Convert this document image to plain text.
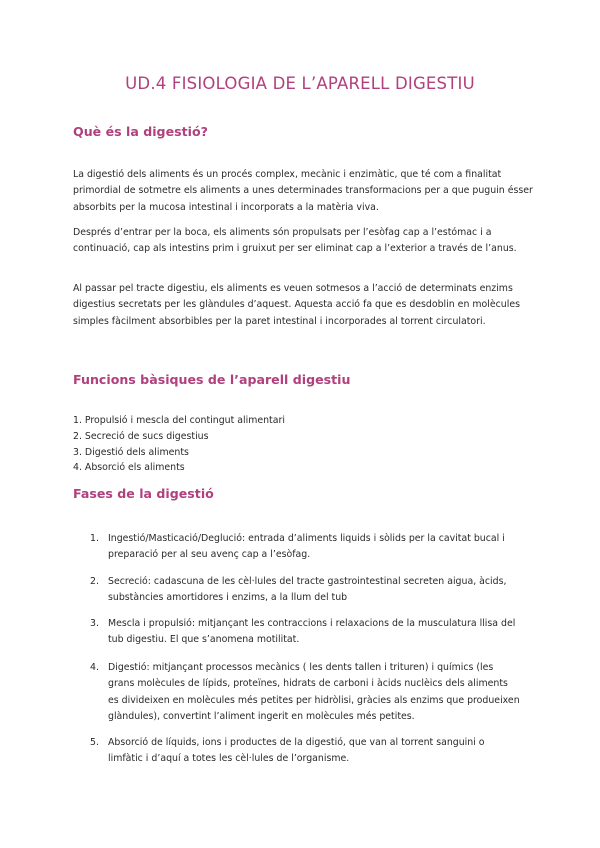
UD.4 FISIOLOGIA DE L’APARELL DIGESTIU
Què és la digestió?

La digestió dels aliments és un procés complex, mecànic i enzimàtic, que té com a finalitat primordial de sotmetre els aliments a unes determinades transformacions per a que puguin ésser absorbits per la mucosa intestinal i incorporats a la matèria viva.

Després d’entrar per la boca, els aliments són propulsats per l’esòfag cap a l’estómac i a continuació, cap als intestins prim i gruixut per ser eliminat cap a l’exterior a través de l’anus.

Al passar pel tracte digestiu, els aliments es veuen sotmesos a l’acció de determinats enzims digestius secretats per les glàndules d’aquest. Aquesta acció fa que es desdoblin en molècules simples fàcilment absorbibles per la paret intestinal i incorporades al torrent circulatori.

Funcions bàsiques de l’aparell digestiu
1. Propulsió i mescla del contingut alimentari
2. Secreció de sucs digestius
3. Digestió dels aliments
4. Absorció els aliments
Fases de la digestió
1. Ingestió/Masticació/Deglució: entrada d’aliments liquids i sòlids per la cavitat bucal i preparació per al seu avenç cap a l’esòfag.
2. Secreció: cadascuna de les cèl·lules del tracte gastrointestinal secreten aigua, àcids, substàncies amortidores i enzims, a la llum del tub
3. Mescla i propulsió: mitjançant les contraccions i relaxacions de la musculatura llisa del tub digestiu. El que s’anomena motilitat.
4. Digestió: mitjançant processos mecànics ( les dents tallen i trituren) i químics (les grans molècules de lípids, proteïnes, hidrats de carboni i àcids nuclèics dels aliments es divideixen en molècules més petites per hidròlisi, gràcies als enzims que produeixen glàndules), convertint l’aliment ingerit en molècules més petites.
5. Absorció de líquids, ions i productes de la digestió, que van al torrent sanguini o limfàtic i d’aquí a totes les cèl·lules de l’organisme.
